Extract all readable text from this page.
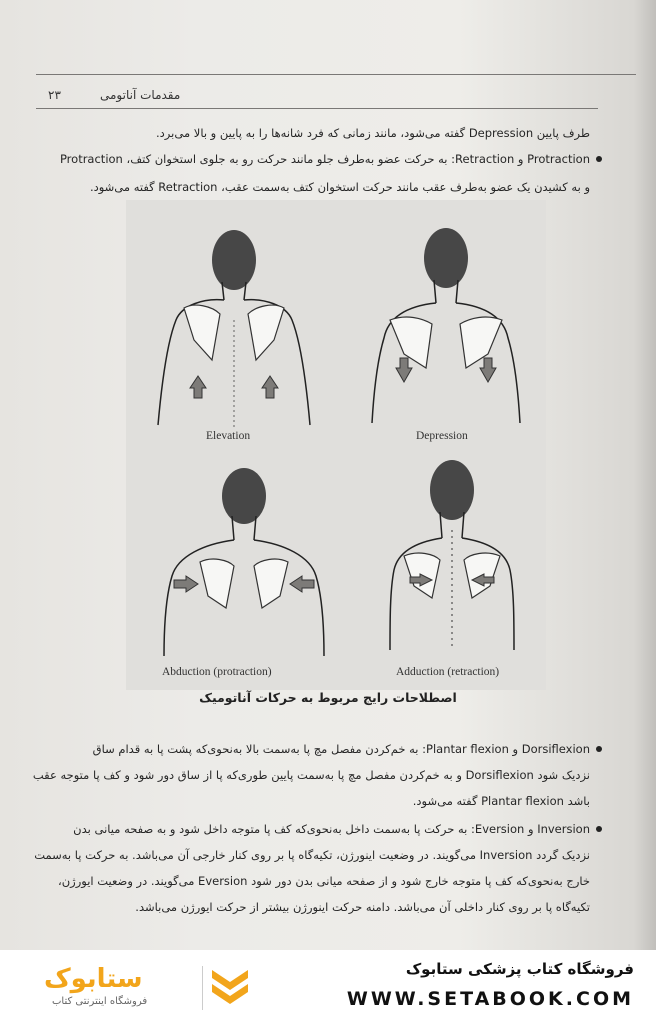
۲۳	مقدمات آناتومی
طرف پایین Depression گفته می‌شود، مانند زمانی که فرد شانه‌ها را به پایین و بالا می‌برد.
Protraction و Retraction: به حرکت عضو به‌طرف جلو مانند حرکت رو به جلوی استخوان کتف، Protraction
و به کشیدن یک عضو به‌طرف عقب مانند حرکت استخوان کتف به‌سمت عقب، Retraction گفته می‌شود.
Elevation	Depression
Abduction (protraction)	Adduction (retraction)
اصطلاحات رایج مربوط به حرکات آناتومیک
Dorsiflexion و Plantar flexion: به خم‌کردن مفصل مچ پا به‌سمت بالا به‌نحوی‌که پشت پا به قدام ساق
نزدیک شود Dorsiflexion و به خم‌کردن مفصل مچ پا به‌سمت پایین طوری‌که پا از ساق دور شود و کف پا متوجه عقب
باشد Plantar flexion گفته می‌شود.
Inversion و Eversion: به حرکت پا به‌سمت داخل به‌نحوی‌که کف پا متوجه داخل شود و به صفحه میانی بدن
نزدیک گردد Inversion می‌گویند. در وضعیت اینورژن، تکیه‌گاه پا بر روی کنار خارجی آن می‌باشد. به حرکت پا به‌سمت
خارج به‌نحوی‌که کف پا متوجه خارج شود و از صفحه میانی بدن دور شود Eversion می‌گویند. در وضعیت ایورژن،
تکیه‌گاه پا بر روی کنار داخلی آن می‌باشد. دامنه حرکت اینورژن بیشتر از حرکت ایورژن می‌باشد.
ستابوک
فروشگاه اینترنتی کتاب
فروشگاه کتاب پزشکی ستابوک
WWW.SETABOOK.COM
